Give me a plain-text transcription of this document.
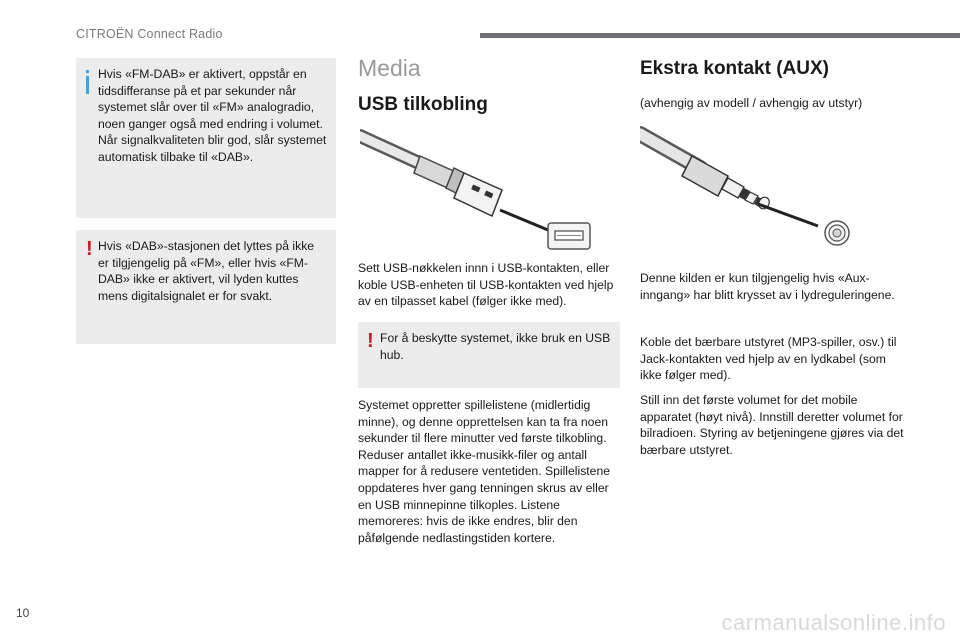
CITROËN Connect Radio
Hvis «FM-DAB» er aktivert, oppstår en tidsdifferanse på et par sekunder når systemet slår over til «FM» analogradio, noen ganger også med endring i volumet. Når signalkvaliteten blir god, slår systemet automatisk tilbake til «DAB».
! Hvis «DAB»-stasjonen det lyttes på ikke er tilgjengelig på «FM», eller hvis «FM-DAB» ikke er aktivert, vil lyden kuttes mens digitalsignalet er for svakt.
Media
USB tilkobling
Sett USB-nøkkelen innn i USB-kontakten, eller koble USB-enheten til USB-kontakten ved hjelp av en tilpasset kabel (følger ikke med).
! For å beskytte systemet, ikke bruk en USB hub.
Systemet oppretter spillelistene (midlertidig minne), og denne opprettelsen kan ta fra noen sekunder til flere minutter ved første tilkobling. Reduser antallet ikke-musikk-filer og antall mapper for å redusere ventetiden. Spillelistene oppdateres hver gang tenningen skrus av eller en USB minnepinne tilkoples. Listene memoreres: hvis de ikke endres, blir den påfølgende nedlastingstiden kortere.
Ekstra kontakt (AUX)
(avhengig av modell / avhengig av utstyr)
Denne kilden er kun tilgjengelig hvis «Aux-inngang» har blitt krysset av i lydreguleringene.
Koble det bærbare utstyret (MP3-spiller, osv.) til Jack-kontakten ved hjelp av en lydkabel (som ikke følger med).
Still inn det første volumet for det mobile apparatet (høyt nivå). Innstill deretter volumet for bilradioen. Styring av betjeningene gjøres via det bærbare utstyret.
10	carmanualsonline.info
